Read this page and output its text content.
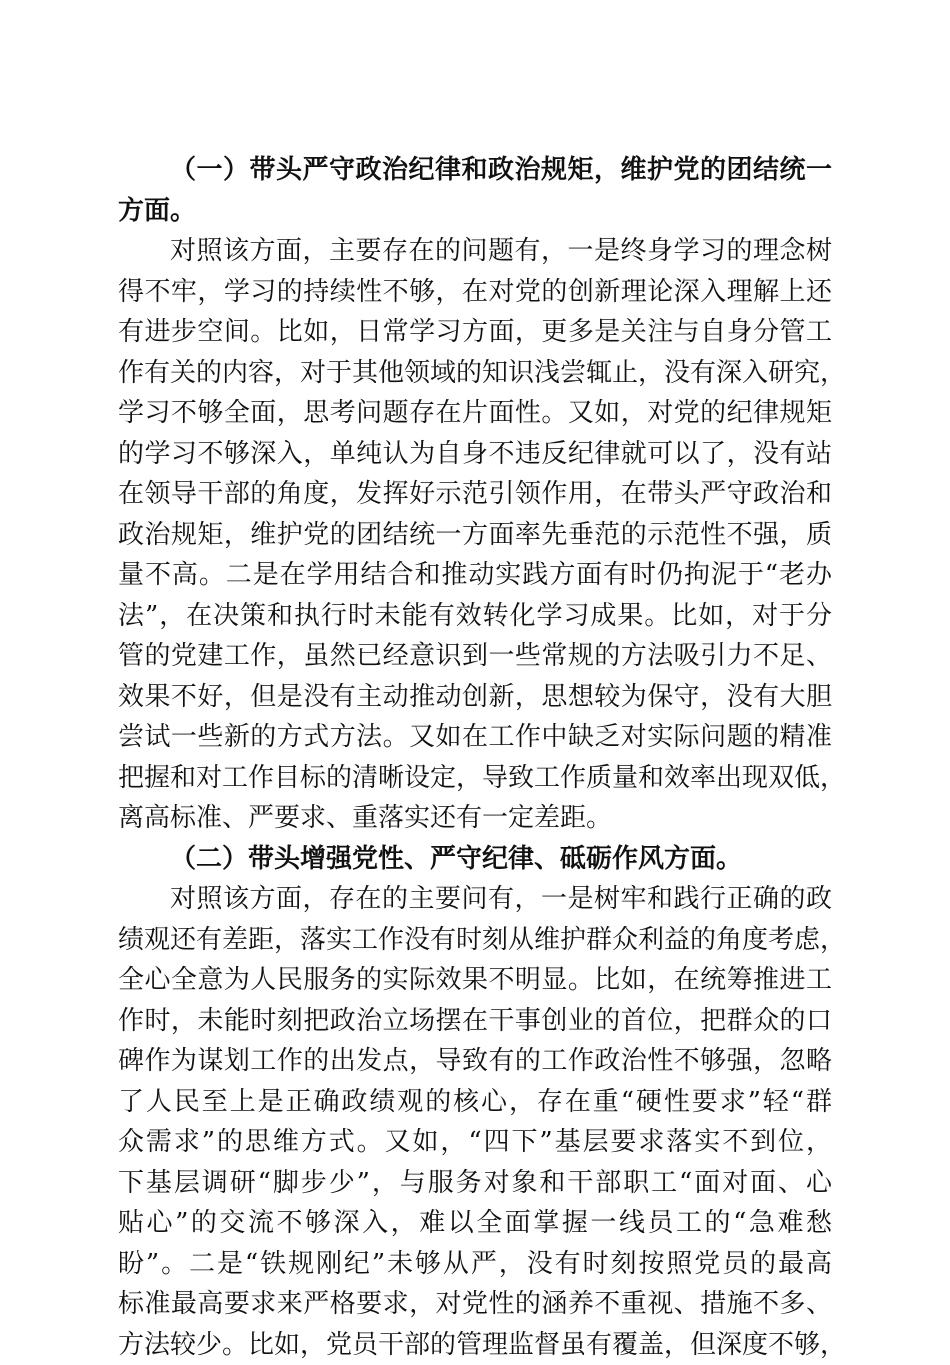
（一）带头严守政治纪律和政治规矩，维护党的团结统一
方面。
对照该方面，主要存在的问题有，一是终身学习的理念树
得不牢，学习的持续性不够，在对党的创新理论深入理解上还
有进步空间。比如，日常学习方面，更多是关注与自身分管工
作有关的内容，对于其他领域的知识浅尝辄止，没有深入研究，
学习不够全面，思考问题存在片面性。又如，对党的纪律规矩
的学习不够深入，单纯认为自身不违反纪律就可以了，没有站
在领导干部的角度，发挥好示范引领作用，在带头严守政治和
政治规矩，维护党的团结统一方面率先垂范的示范性不强，质
量不高。二是在学用结合和推动实践方面有时仍拘泥于“老办
法”，在决策和执行时未能有效转化学习成果。比如，对于分
管的党建工作，虽然已经意识到一些常规的方法吸引力不足、
效果不好，但是没有主动推动创新，思想较为保守，没有大胆
尝试一些新的方式方法。又如在工作中缺乏对实际问题的精准
把握和对工作目标的清晰设定，导致工作质量和效率出现双低，
离高标准、严要求、重落实还有一定差距。
（二）带头增强党性、严守纪律、砥砺作风方面。
对照该方面，存在的主要问有，一是树牢和践行正确的政
绩观还有差距，落实工作没有时刻从维护群众利益的角度考虑，
全心全意为人民服务的实际效果不明显。比如，在统筹推进工
作时，未能时刻把政治立场摆在干事创业的首位，把群众的口
碑作为谋划工作的出发点，导致有的工作政治性不够强，忽略
了人民至上是正确政绩观的核心，存在重“硬性要求”轻“群
众需求”的思维方式。又如，“四下”基层要求落实不到位，
下基层调研“脚步少”，与服务对象和干部职工“面对面、心
贴心”的交流不够深入，难以全面掌握一线员工的“急难愁
盼”。二是“铁规刚纪”未够从严，没有时刻按照党员的最高
标准最高要求来严格要求，对党性的涵养不重视、措施不多、
方法较少。比如，党员干部的管理监督虽有覆盖，但深度不够，
